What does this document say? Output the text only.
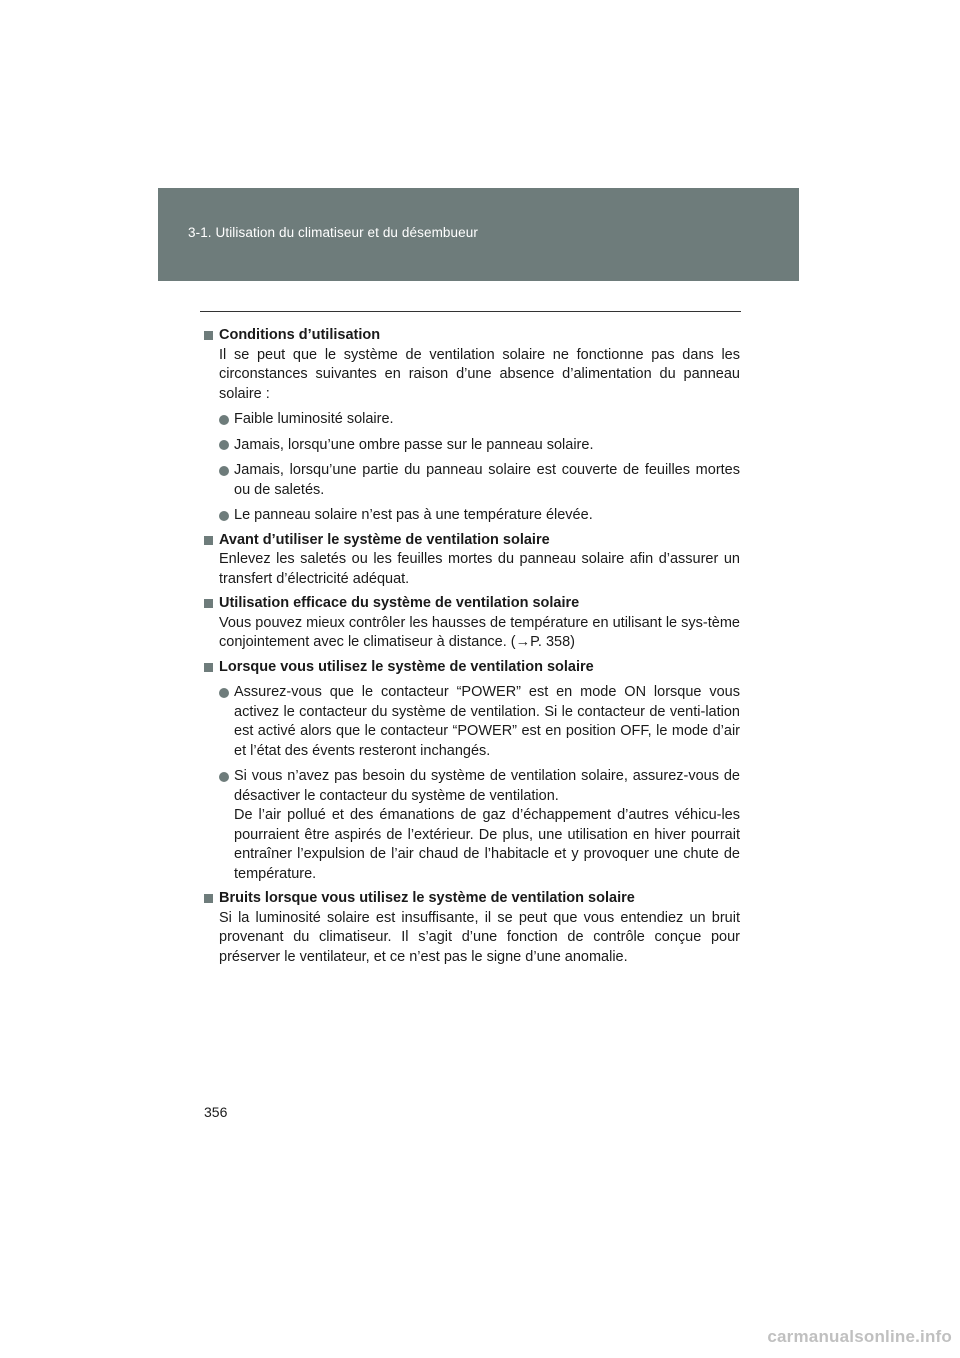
3-1. Utilisation du climatiseur et du désembueur
Conditions d’utilisation

Il se peut que le système de ventilation solaire ne fonctionne pas dans les circonstances suivantes en raison d’une absence d’alimentation du panneau solaire :

Faible luminosité solaire.

Jamais, lorsqu’une ombre passe sur le panneau solaire.

Jamais, lorsqu’une partie du panneau solaire est couverte de feuilles mortes ou de saletés.

Le panneau solaire n’est pas à une température élevée.

Avant d’utiliser le système de ventilation solaire

Enlevez les saletés ou les feuilles mortes du panneau solaire afin d’assurer un transfert d’électricité adéquat.

Utilisation efficace du système de ventilation solaire

Vous pouvez mieux contrôler les hausses de température en utilisant le sys-tème conjointement avec le climatiseur à distance. (→P. 358)

Lorsque vous utilisez le système de ventilation solaire

Assurez-vous que le contacteur “POWER” est en mode ON lorsque vous activez le contacteur du système de ventilation. Si le contacteur de venti-lation est activé alors que le contacteur “POWER” est en position OFF, le mode d’air et l’état des évents resteront inchangés.

Si vous n’avez pas besoin du système de ventilation solaire, assurez-vous de désactiver le contacteur du système de ventilation.

De l’air pollué et des émanations de gaz d’échappement d’autres véhicu-les pourraient être aspirés de l’extérieur. De plus, une utilisation en hiver pourrait entraîner l’expulsion de l’air chaud de l’habitacle et y provoquer une chute de température.

Bruits lorsque vous utilisez le système de ventilation solaire

Si la luminosité solaire est insuffisante, il se peut que vous entendiez un bruit provenant du climatiseur. Il s’agit d’une fonction de contrôle conçue pour préserver le ventilateur, et ce n’est pas le signe d’une anomalie.

356
carmanualsonline.info
